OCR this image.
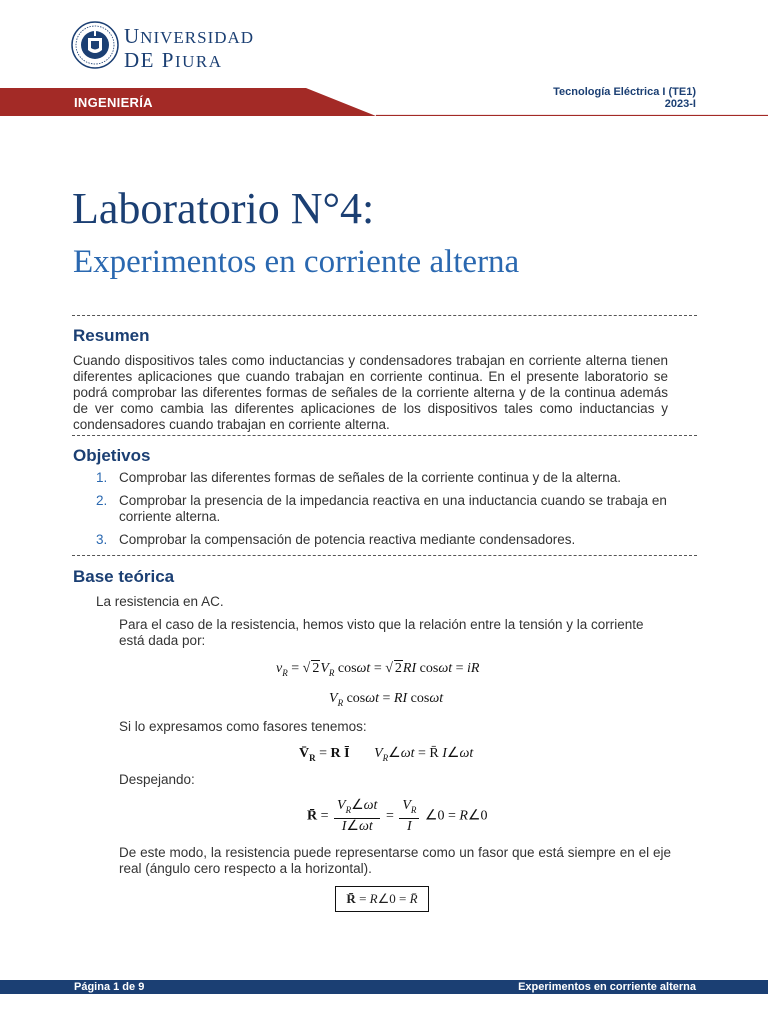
UNIVERSIDAD
DE PIURA
INGENIERÍA
Tecnología Eléctrica I (TE1)
2023-I
Laboratorio N°4:
Experimentos en corriente alterna
Resumen
Cuando dispositivos tales como inductancias y condensadores trabajan en corriente alterna tienen diferentes aplicaciones que cuando trabajan en corriente continua. En el presente laboratorio se podrá comprobar las diferentes formas de señales de la corriente alterna y de la continua además de ver como cambia las diferentes aplicaciones de los dispositivos tales como inductancias y condensadores cuando trabajan en corriente alterna.
Objetivos
1. Comprobar las diferentes formas de señales de la corriente continua y de la alterna.
2. Comprobar la presencia de la impedancia reactiva en una inductancia cuando se trabaja en corriente alterna.
3. Comprobar la compensación de potencia reactiva mediante condensadores.
Base teórica
La resistencia en AC.
Para el caso de la resistencia, hemos visto que la relación entre la tensión y la corriente está dada por:
$v_R$ = √ $2V_R$ cosωt = √ 2RI cosωt = iR
$V_R$ cosωt = RI cosωt
Si lo expresamos como fasores tenemos:
$V̄_R = R$ Ī $V_R\angle\omega t$ = R̄ I∠ωt
Despejando:
R̄ = $\frac{V_R\angle\omega t}{I\angle\omega t} = \frac{V_R}{I}$ ∠0 = R∠0
De este modo, la resistencia puede representarse como un fasor que está siempre en el eje real (ángulo cero respecto a la horizontal).
R̄ = R∠0 = R̄
Página 1 de 9	Experimentos en corriente alterna
